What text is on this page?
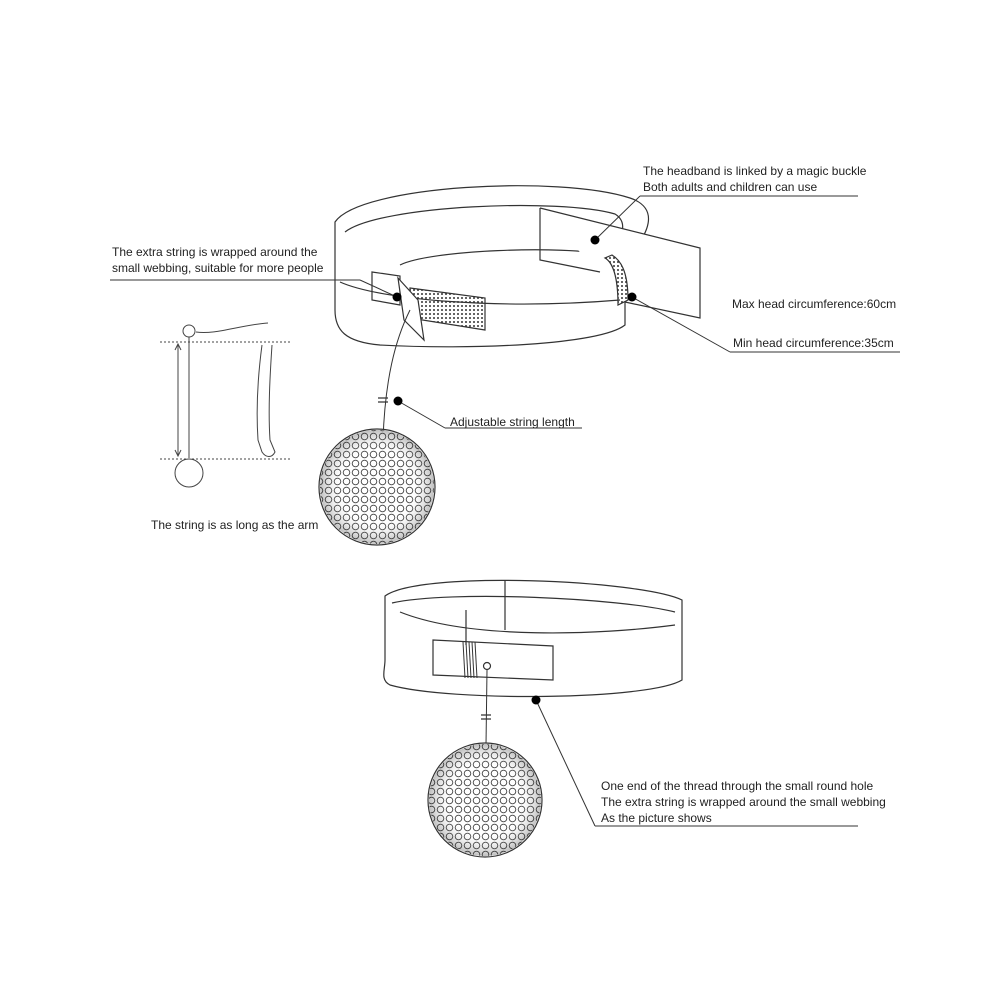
The headband is linked by a magic buckle
Both adults and children can use
The extra string is wrapped around the
small webbing, suitable for more people
Max head circumference:60cm
Min head circumference:35cm
Adjustable string length
The string is as long as the arm
One end of the thread through the small round hole
The extra string is wrapped around the small webbing
As the picture shows
